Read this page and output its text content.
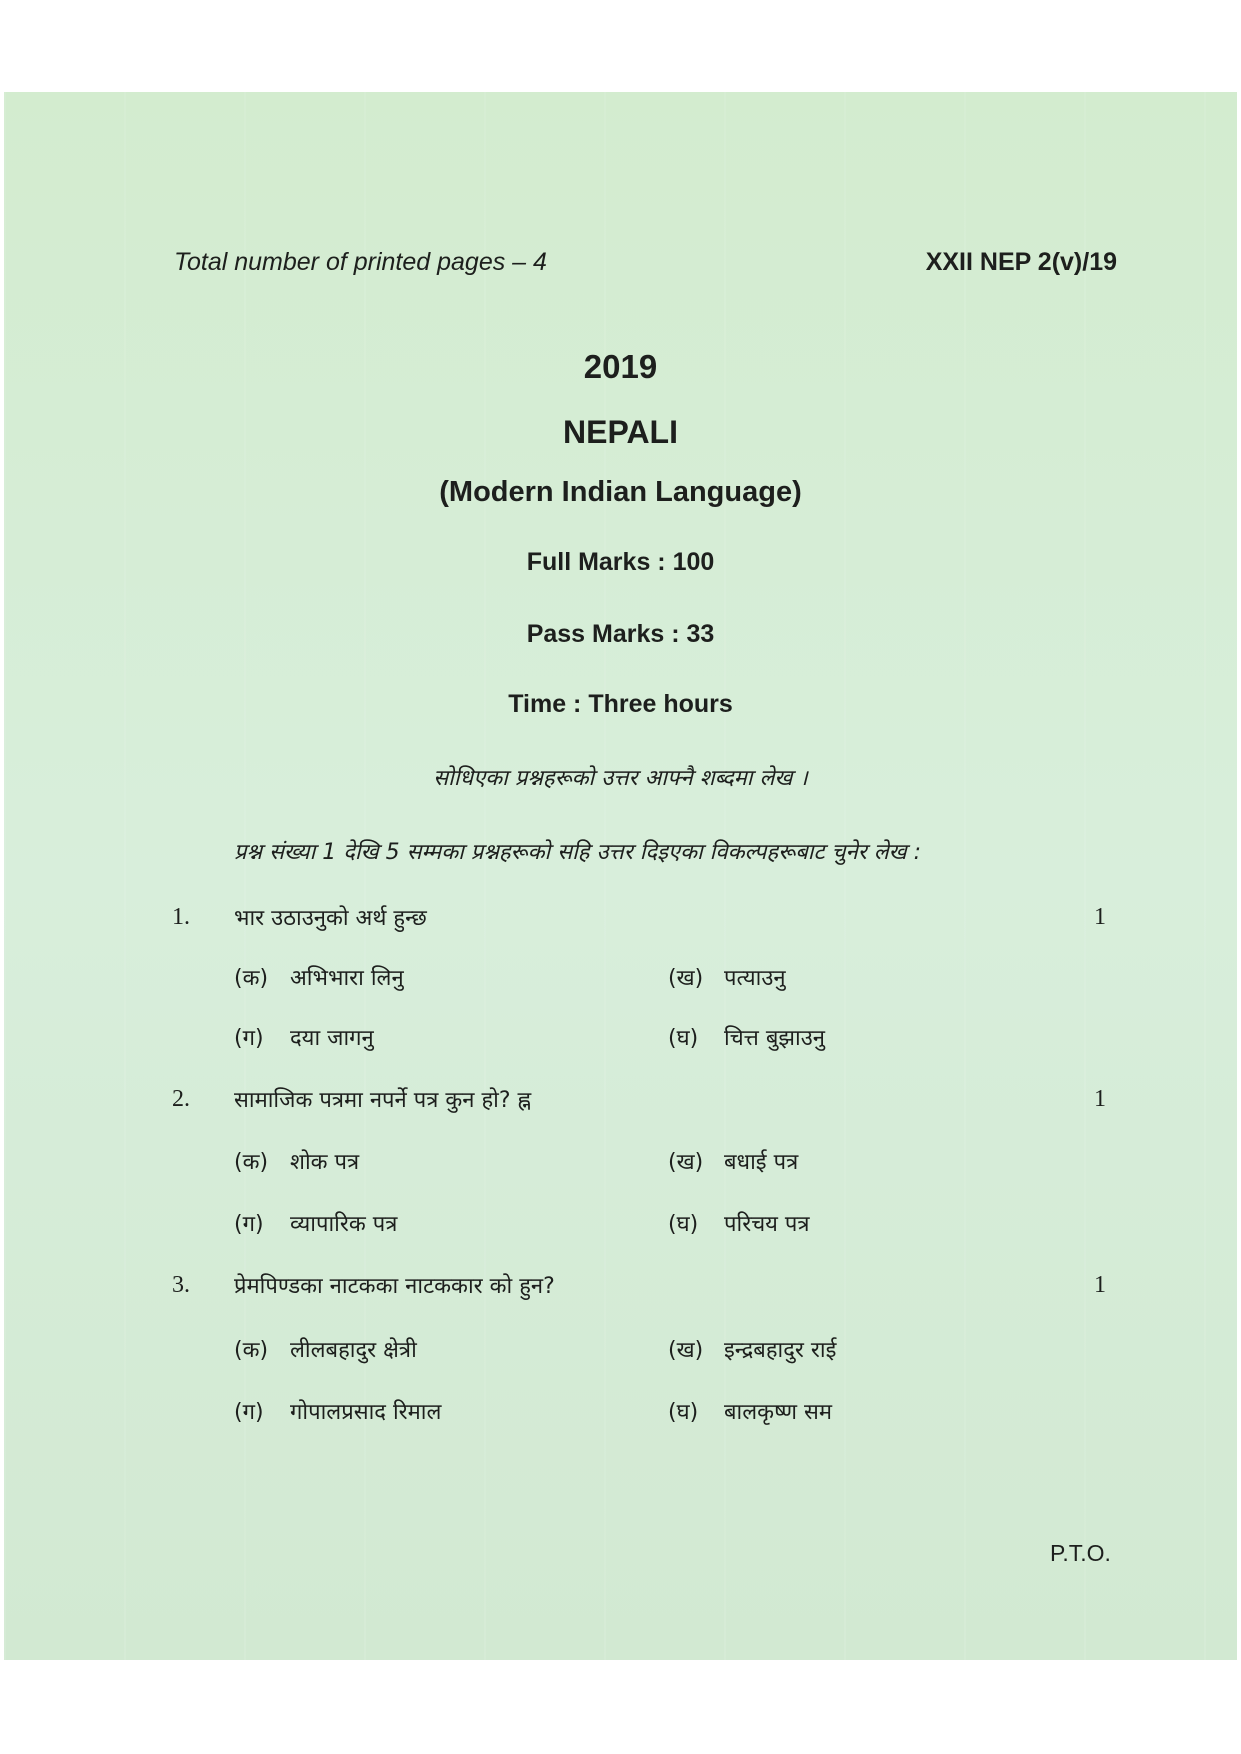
Total number of printed pages – 4	XXII NEP 2(v)/19

2019

NEPALI

(Modern Indian Language)

Full Marks : 100

Pass Marks : 33

Time : Three hours

सोधिएका प्रश्नहरूको उत्तर आफ्नै शब्दमा लेख ।

प्रश्न संख्या 1 देखि 5 सम्मका प्रश्नहरूको सहि उत्तर दिइएका विकल्पहरूबाट चुनेर लेख :

1. भार उठाउनुको अर्थ हुन्छ	1

(क) अभिभारा लिनु	(ख) पत्याउनु

(ग) दया जागनु	(घ) चित्त बुझाउनु

2. सामाजिक पत्रमा नपर्ने पत्र कुन हो? ह्न	1

(क) शोक पत्र	(ख) बधाई पत्र

(ग) व्यापारिक पत्र	(घ) परिचय पत्र

3. प्रेमपिण्डका नाटकका नाटककार को हुन?	1

(क) लीलबहादुर क्षेत्री	(ख) इन्द्रबहादुर राई

(ग) गोपालप्रसाद रिमाल	(घ) बालकृष्ण सम

P.T.O.
